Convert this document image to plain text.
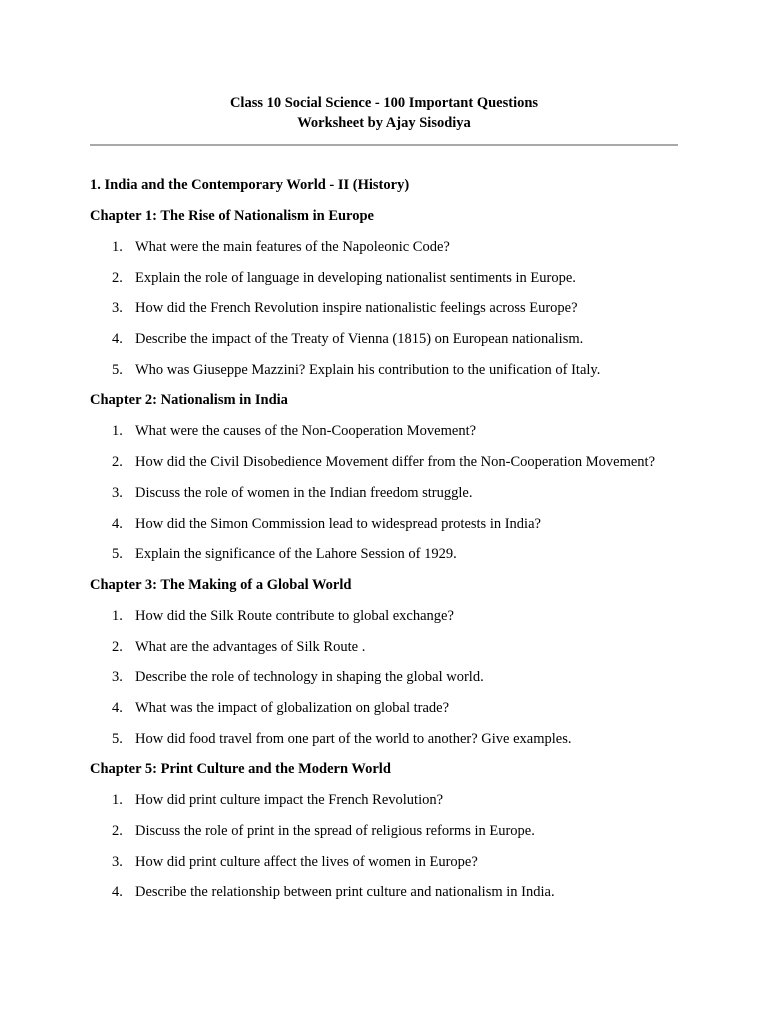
Class 10 Social Science - 100 Important Questions
Worksheet by Ajay Sisodiya
1. India and the Contemporary World - II (History)
Chapter 1: The Rise of Nationalism in Europe
1. What were the main features of the Napoleonic Code?
2. Explain the role of language in developing nationalist sentiments in Europe.
3. How did the French Revolution inspire nationalistic feelings across Europe?
4. Describe the impact of the Treaty of Vienna (1815) on European nationalism.
5. Who was Giuseppe Mazzini? Explain his contribution to the unification of Italy.
Chapter 2: Nationalism in India
1. What were the causes of the Non-Cooperation Movement?
2. How did the Civil Disobedience Movement differ from the Non-Cooperation Movement?
3. Discuss the role of women in the Indian freedom struggle.
4. How did the Simon Commission lead to widespread protests in India?
5. Explain the significance of the Lahore Session of 1929.
Chapter 3: The Making of a Global World
1. How did the Silk Route contribute to global exchange?
2. What are the advantages of Silk Route .
3. Describe the role of technology in shaping the global world.
4. What was the impact of globalization on global trade?
5. How did food travel from one part of the world to another? Give examples.
Chapter 5: Print Culture and the Modern World
1. How did print culture impact the French Revolution?
2. Discuss the role of print in the spread of religious reforms in Europe.
3. How did print culture affect the lives of women in Europe?
4. Describe the relationship between print culture and nationalism in India.
